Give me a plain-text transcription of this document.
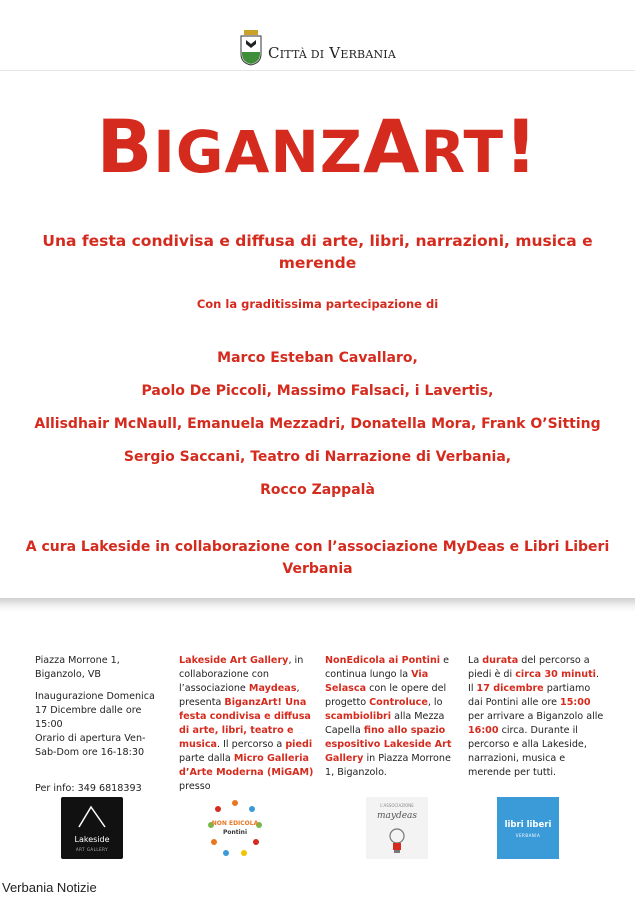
CITTÀ DI VERBANIA
BIGANZART!
Una festa condivisa e diffusa di arte, libri, narrazioni, musica e merende
Con la graditissima partecipazione di
Marco Esteban Cavallaro,
Paolo De Piccoli, Massimo Falsaci, i Lavertis,
Allisdhair McNaull, Emanuela Mezzadri, Donatella Mora, Frank O’Sitting
Sergio Saccani, Teatro di Narrazione di Verbania,
Rocco Zappalà
A cura Lakeside in collaborazione con l’associazione MyDeas e Libri Liberi Verbania

Piazza Morrone 1,

Biganzolo, VB

Inaugurazione Domenica 17 Dicembre dalle ore 15:00

Orario di apertura Ven-Sab-Dom ore 16-18:30

Per info: 349 6818393

Lakeside Art Gallery, in collaborazione con l’associazione Maydeas, presenta BiganzArt! Una festa condivisa e diffusa di arte, libri, teatro e musica. Il percorso a piedi parte dalla Micro Galleria d’Arte Moderna (MiGAM) presso
NonEdicola ai Pontini e continua lungo la Via Selasca con le opere del progetto Controluce, lo scambiolibri alla Mezza Capella fino allo spazio espositivo Lakeside Art Gallery in Piazza Morrone 1, Biganzolo.
La durata del percorso a piedi è di circa 30 minuti. Il 17 dicembre partiamo dai Pontini alle ore 15:00 per arrivare a Biganzolo alle 16:00 circa. Durante il percorso e alla Lakeside, narrazioni, musica e merende per tutti.
Lakeside
ART GALLERY
NON EDICOLA
Pontini
L'ASSOCIAZIONE
maydeas
libri liberi
VERBANIA
Verbania Notizie
